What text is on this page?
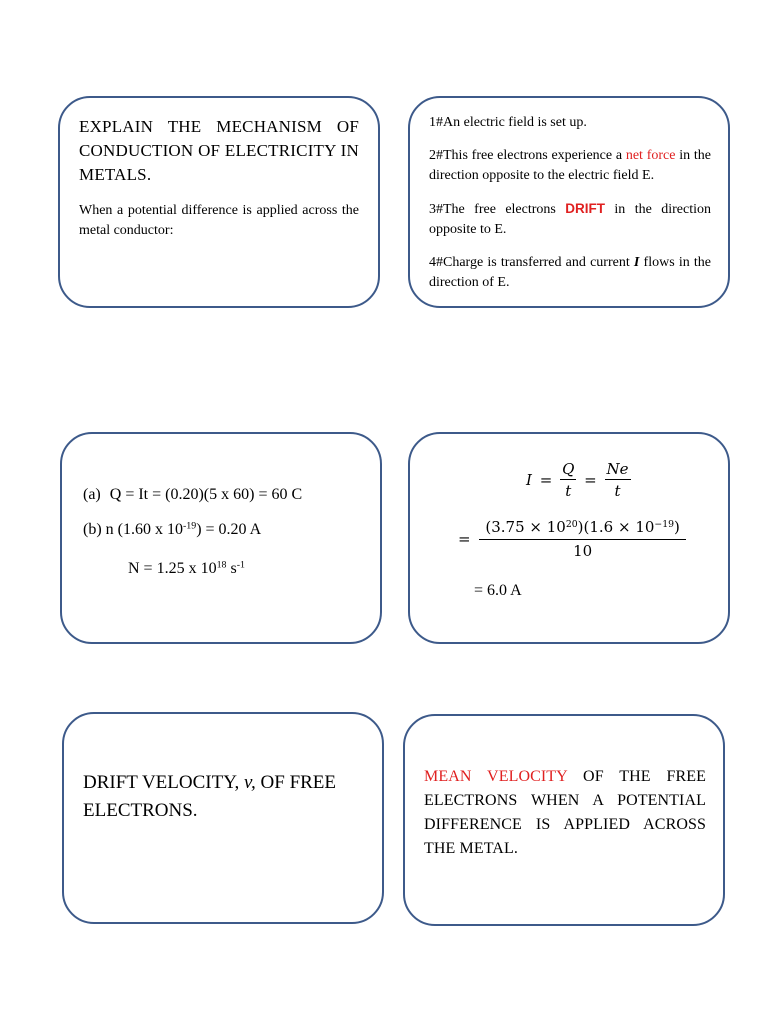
EXPLAIN THE MECHANISM OF CONDUCTION OF ELECTRICITY IN METALS.
When a potential difference is applied across the metal conductor:
1#An electric field is set up.
2#This free electrons experience a net force in the direction opposite to the electric field E.
3#The free electrons DRIFT in the direction opposite to E.
4#Charge is transferred and current I flows in the direction of E.
(a) Q = It = (0.20)(5 x 60) = 60 C
(b) n (1.60 x $10^{-19}) = 0.20$ A
N = 1.25 x $10^{18}$ $s^{-1}$
$I = \frac{Q}{t} = \frac{Ne}{t}$
= $\frac{(3.75 \times 10^{20})(1.6 \times 10^{-19})}{10}$
= 6.0 A
DRIFT VELOCITY, v, OF FREE ELECTRONS.
MEAN VELOCITY OF THE FREE ELECTRONS WHEN A POTENTIAL DIFFERENCE IS APPLIED ACROSS THE METAL.
